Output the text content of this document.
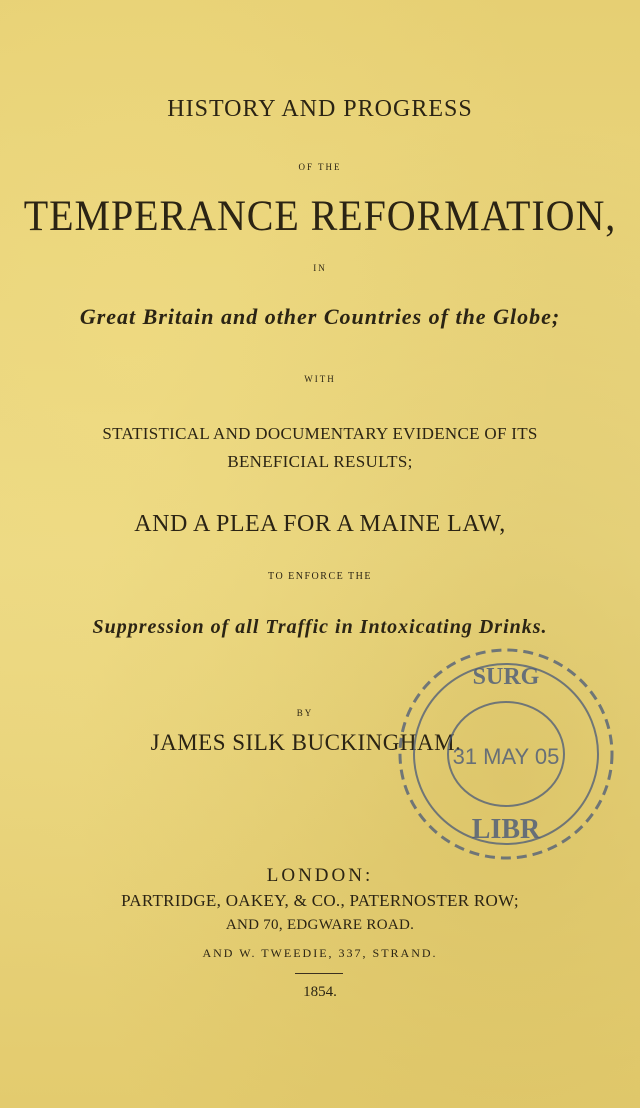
HISTORY AND PROGRESS
OF THE
TEMPERANCE REFORMATION,
IN
Great Britain and other Countries of the Globe;
WITH
STATISTICAL AND DOCUMENTARY EVIDENCE OF ITS
BENEFICIAL RESULTS;
AND A PLEA FOR A MAINE LAW,
TO ENFORCE THE
Suppression of all Traffic in Intoxicating Drinks.
BY
JAMES SILK BUCKINGHAM.
SURG
31 MAY 05
LIBR
LONDON:
PARTRIDGE, OAKEY, & CO., PATERNOSTER ROW;
AND 70, EDGWARE ROAD.
AND W. TWEEDIE, 337, STRAND.
1854.
